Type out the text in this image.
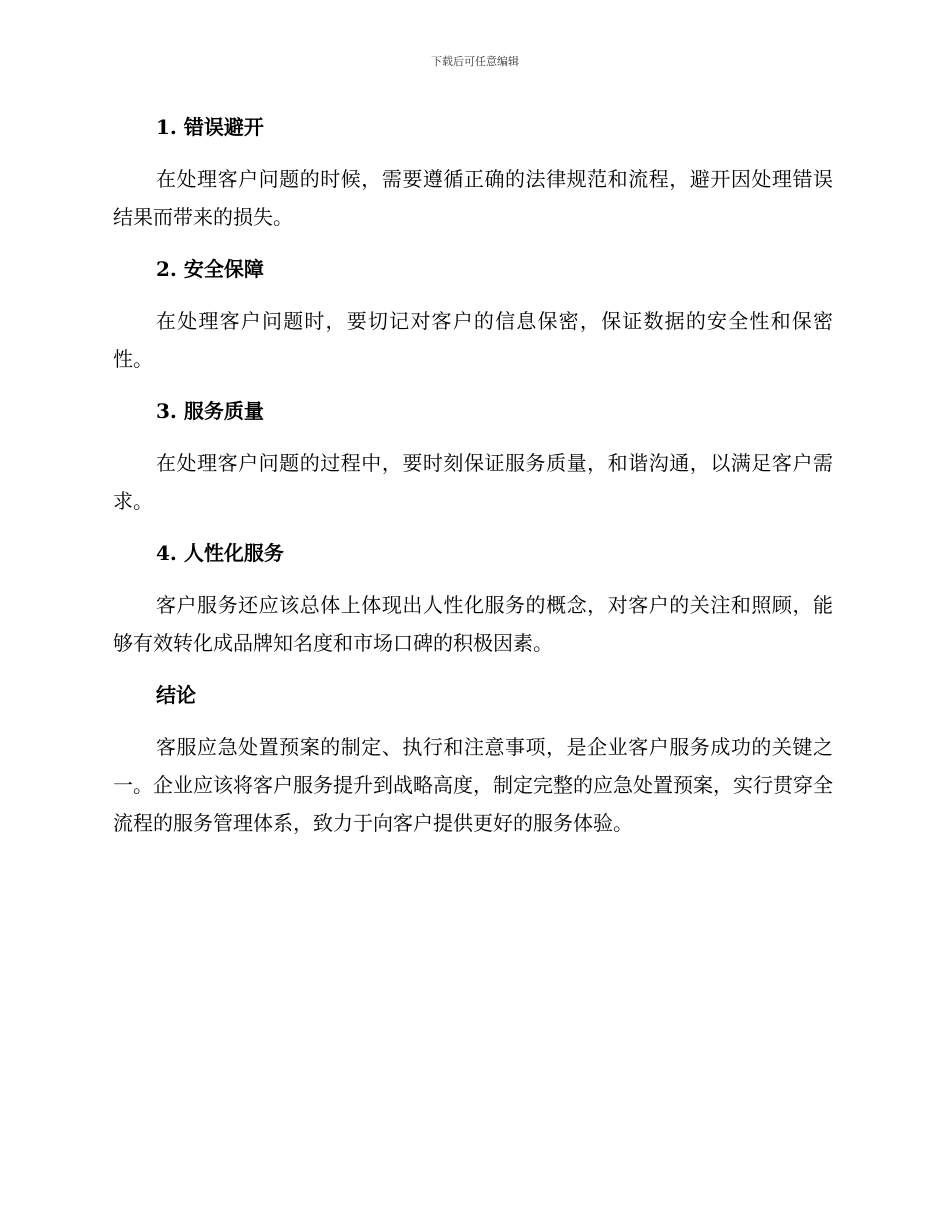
下载后可任意编辑
1. 错误避开

在处理客户问题的时候，需要遵循正确的法律规范和流程，避开因处理错误结果而带来的损失。

2. 安全保障

在处理客户问题时，要切记对客户的信息保密，保证数据的安全性和保密性。

3. 服务质量

在处理客户问题的过程中，要时刻保证服务质量，和谐沟通，以满足客户需求。

4. 人性化服务

客户服务还应该总体上体现出人性化服务的概念，对客户的关注和照顾，能够有效转化成品牌知名度和市场口碑的积极因素。

结论

客服应急处置预案的制定、执行和注意事项，是企业客户服务成功的关键之一。企业应该将客户服务提升到战略高度，制定完整的应急处置预案，实行贯穿全流程的服务管理体系，致力于向客户提供更好的服务体验。
